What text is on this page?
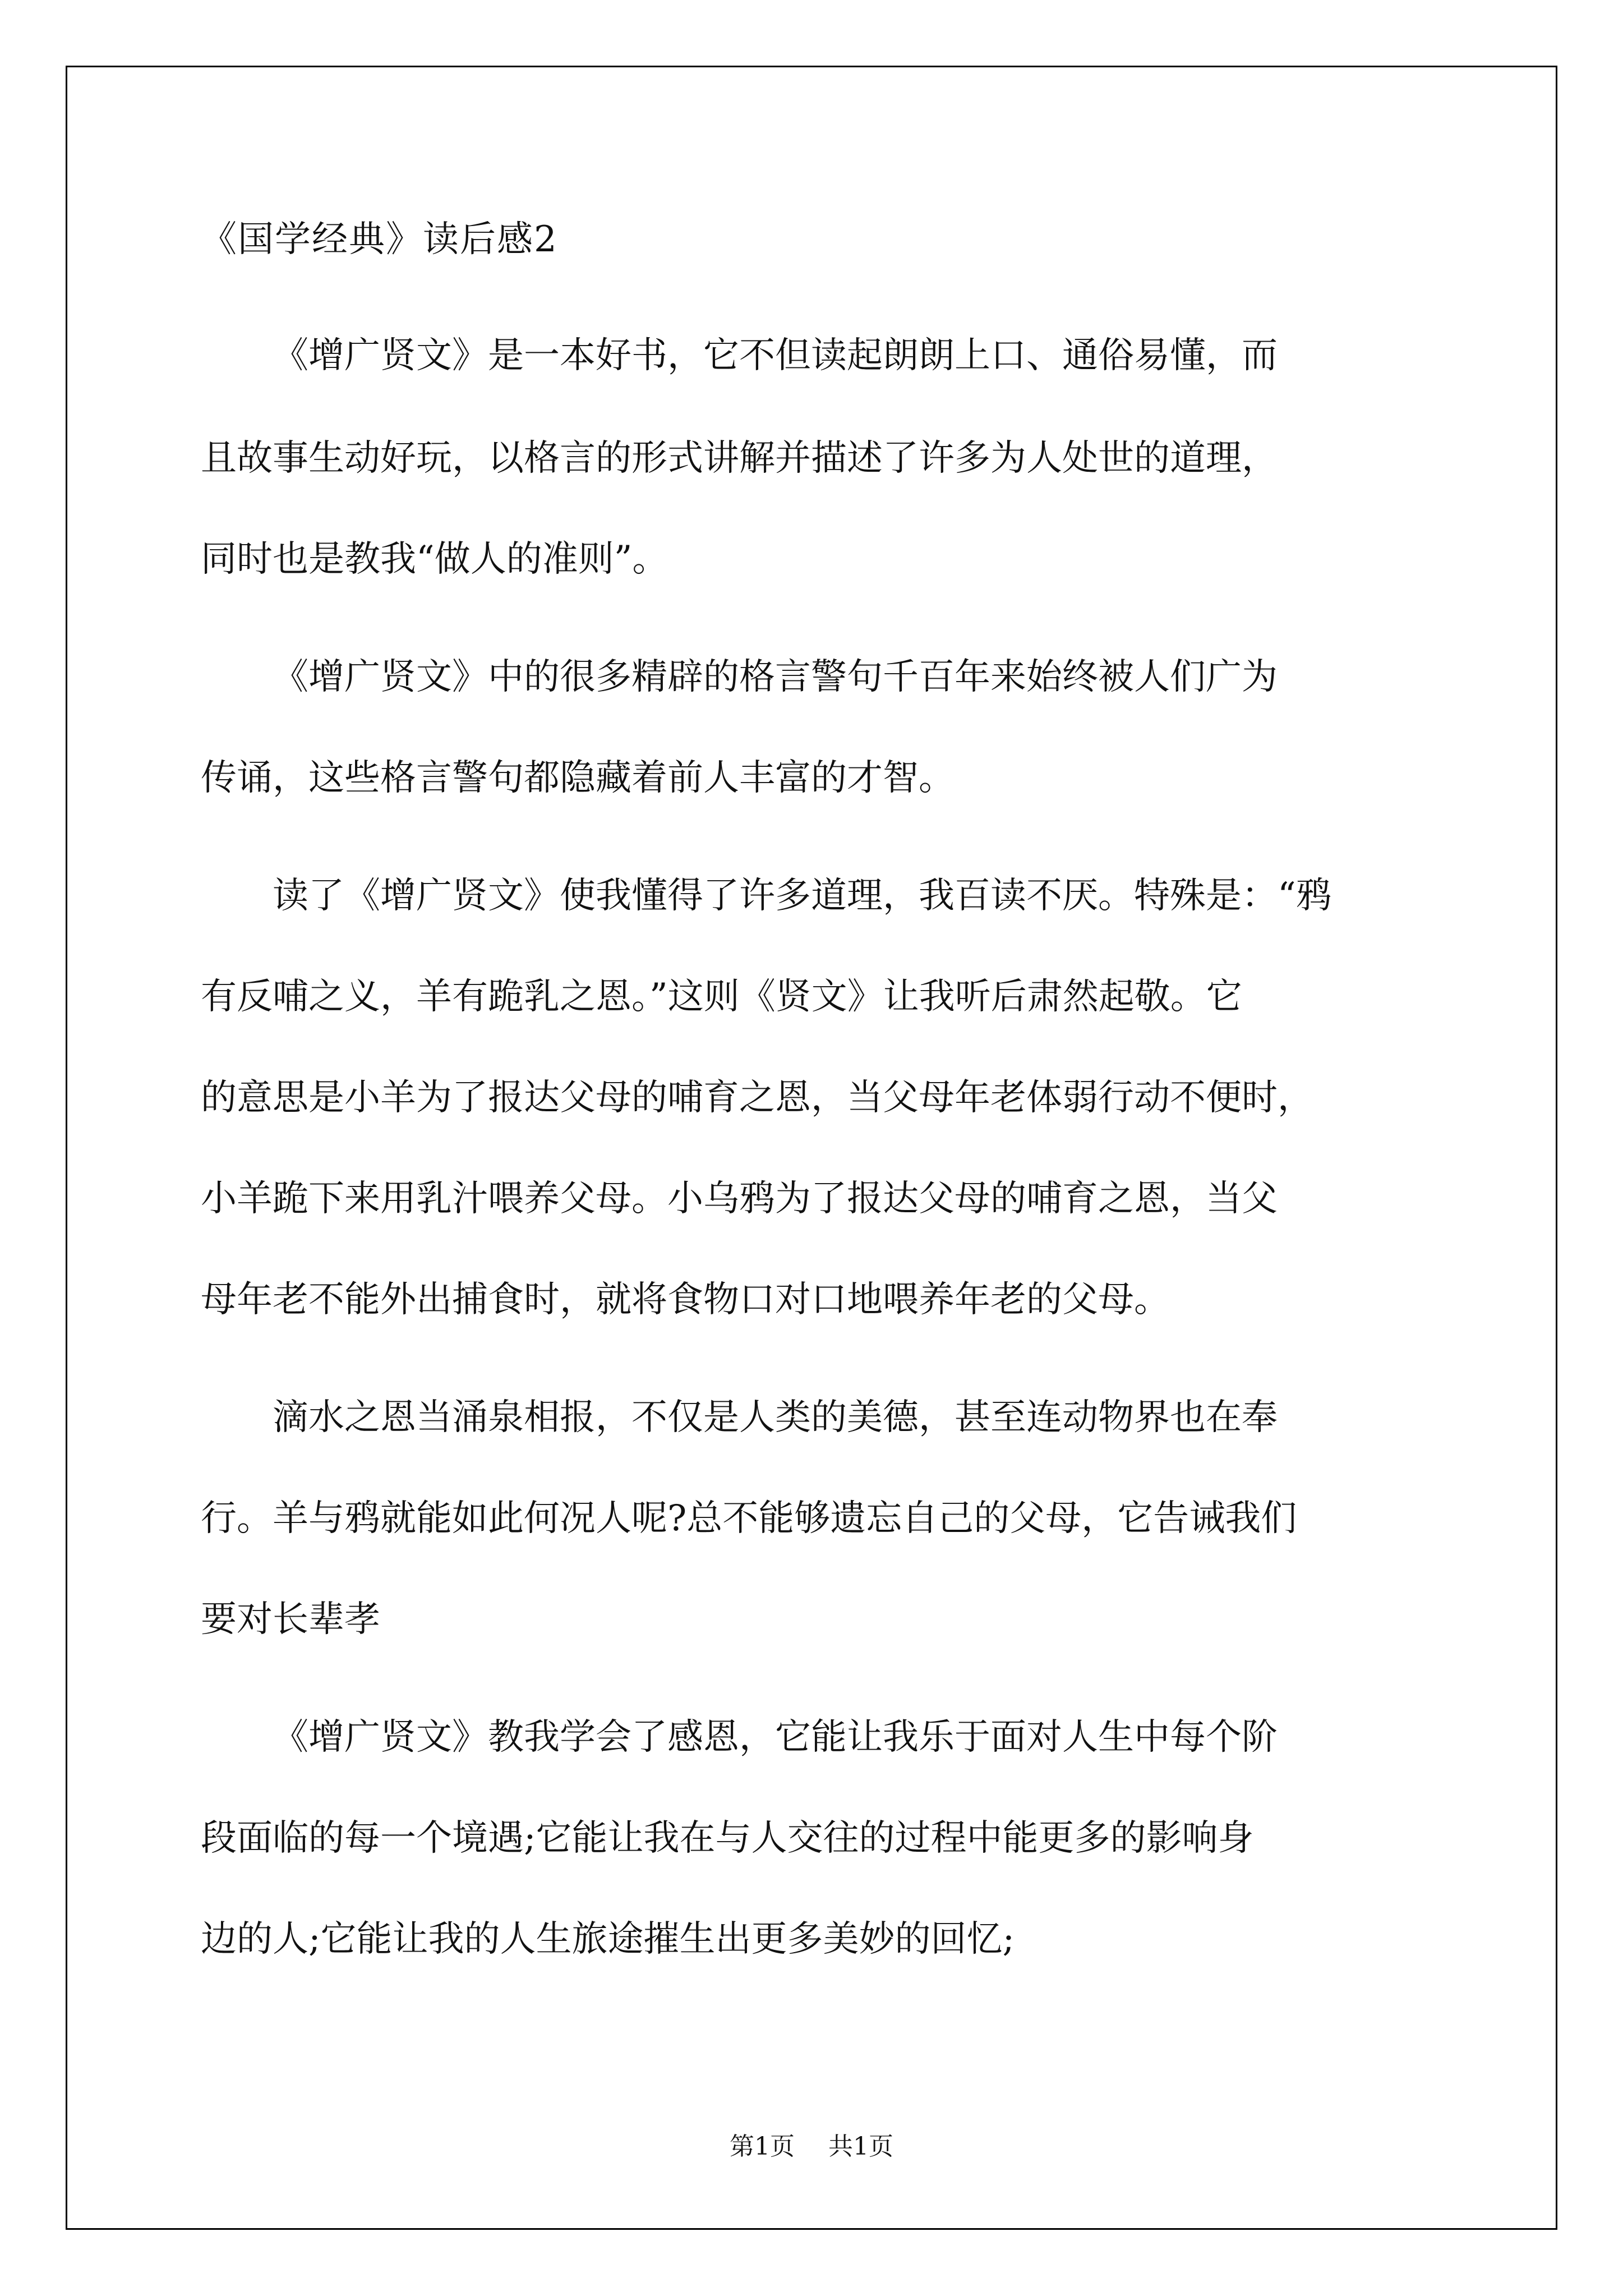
《国学经典》读后感2
《增广贤文》是一本好书，它不但读起朗朗上口、通俗易懂，而
且故事生动好玩，以格言的形式讲解并描述了许多为人处世的道理，
同时也是教我“做人的准则”。
《增广贤文》中的很多精辟的格言警句千百年来始终被人们广为
传诵，这些格言警句都隐藏着前人丰富的才智。
读了《增广贤文》使我懂得了许多道理，我百读不厌。特殊是：“鸦
有反哺之义，羊有跪乳之恩。”这则《贤文》让我听后肃然起敬。它
的意思是小羊为了报达父母的哺育之恩，当父母年老体弱行动不便时，
小羊跪下来用乳汁喂养父母。小乌鸦为了报达父母的哺育之恩，当父
母年老不能外出捕食时，就将食物口对口地喂养年老的父母。
滴水之恩当涌泉相报，不仅是人类的美德，甚至连动物界也在奉
行。羊与鸦就能如此何况人呢?总不能够遗忘自己的父母，它告诫我们
要对长辈孝
《增广贤文》教我学会了感恩，它能让我乐于面对人生中每个阶
段面临的每一个境遇;它能让我在与人交往的过程中能更多的影响身
边的人;它能让我的人生旅途摧生出更多美妙的回忆;
第1页 共1页
